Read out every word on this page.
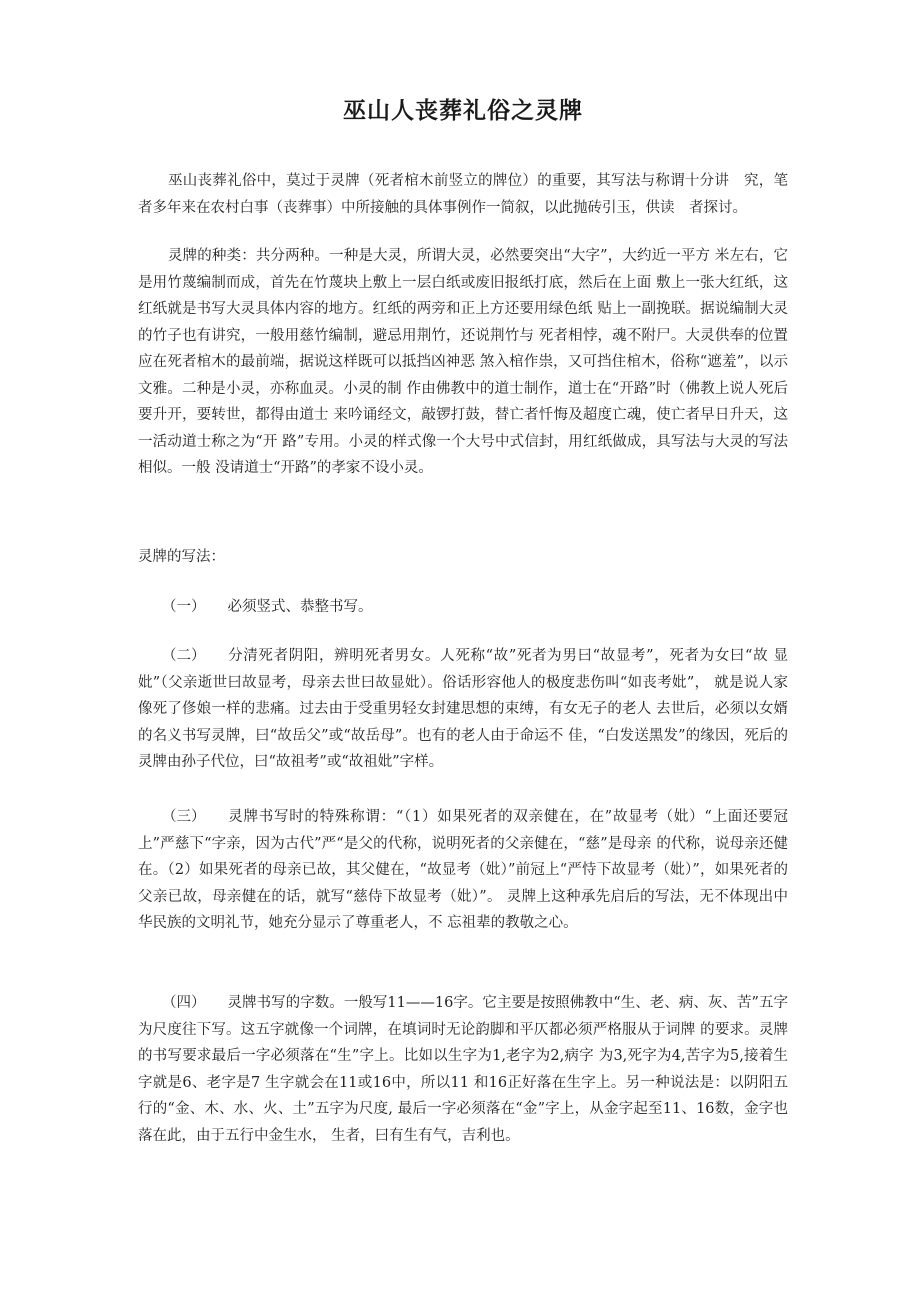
巫山人丧葬礼俗之灵牌

巫山丧葬礼俗中，莫过于灵牌（死者棺木前竖立的牌位）的重要，其写法与称谓十分讲　究，笔者多年来在农村白事（丧葬事）中所接触的具体事例作一简叙，以此抛砖引玉，供读　者探讨。

灵牌的种类：共分两种。一种是大灵，所谓大灵，必然要突出“大字”，大约近一平方 米左右，它是用竹蔑编制而成，首先在竹蔑块上敷上一层白纸或废旧报纸打底，然后在上面 敷上一张大红纸，这红纸就是书写大灵具体内容的地方。红纸的两旁和正上方还要用绿色纸 贴上一副挽联。据说编制大灵的竹子也有讲究，一般用慈竹编制，避忌用荆竹，还说荆竹与 死者相悖，魂不附尸。大灵供奉的位置应在死者棺木的最前端，据说这样既可以抵挡凶神恶 煞入棺作祟，又可挡住棺木，俗称“遮羞”，以示文雅。二种是小灵，亦称血灵。小灵的制 作由佛教中的道士制作，道士在“开路”时（佛教上说人死后要升开，要转世，都得由道士 来吟诵经文，敲锣打鼓，替亡者忏悔及超度亡魂，使亡者早日升天，这一活动道士称之为“开 路”专用。小灵的样式像一个大号中式信封，用红纸做成，具写法与大灵的写法相似。一般 没请道士“开路”的孝家不设小灵。

灵牌的写法：

（一） 必须竖式、恭整书写。

（二） 分清死者阴阳，辨明死者男女。人死称“故”死者为男曰“故显考”，死者为女曰“故 显妣”（父亲逝世曰故显考，母亲去世曰故显妣）。俗话形容他人的极度悲伤叫“如丧考妣”， 就是说人家像死了俢娘一样的悲痛。过去由于受重男轻女封建思想的束缚，有女无子的老人 去世后，必须以女婿的名义书写灵牌，曰“故岳父”或“故岳母”。也有的老人由于命运不 佳，“白发送黑发”的缘因，死后的灵牌由孙子代位，曰“故祖考”或“故祖妣”字样。

（三） 灵牌书写时的特殊称谓：“（1）如果死者的双亲健在，在”故显考（妣）“上面还要冠上”严慈下“字亲，因为古代”严“是父的代称，说明死者的父亲健在，“慈”是母亲 的代称，说母亲还健在。（2）如果死者的母亲已故，其父健在，“故显考（妣）”前冠上“严恃下故显考（妣）”，如果死者的父亲已故，母亲健在的话，就写“慈侍下故显考（妣）”。 灵牌上这种承先启后的写法，无不体现出中华民族的文明礼节，她充分显示了尊重老人，不 忘祖辈的教敬之心。

（四） 灵牌书写的字数。一般写11——16字。它主要是按照佛教中“生、老、病、灰、苦”五字为尺度往下写。这五字就像一个词牌，在填词时无论韵脚和平仄都必须严格服从于词牌 的要求。灵牌的书写要求最后一字必须落在“生”字上。比如以生字为1,老字为2,病字 为3,死字为4,苦字为5,接着生字就是6、老字是7 生字就会在11或16中，所以11 和16正好落在生字上。另一种说法是：以阴阳五行的“金、木、水、火、土”五字为尺度, 最后一字必须落在“金”字上，从金字起至11、16数，金字也落在此，由于五行中金生水， 生者，曰有生有气，吉利也。
